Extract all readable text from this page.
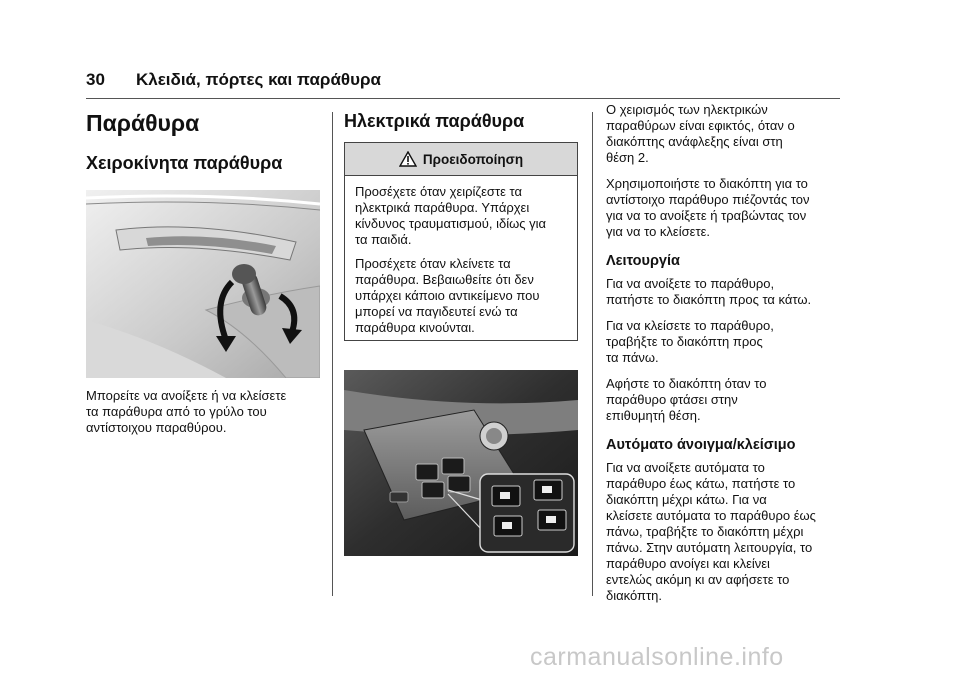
30 Κλειδιά, πόρτες και παράθυρα
Παράθυρα
Χειροκίνητα παράθυρα

Μπορείτε να ανοίξετε ή να κλείσετε

τα παράθυρα από το γρύλο του

αντίστοιχου παραθύρου.

Ηλεκτρικά παράθυρα
Προειδοποίηση
Προσέχετε όταν χειρίζεστε τα
ηλεκτρικά παράθυρα. Υπάρχει
κίνδυνος τραυματισμού, ιδίως για
τα παιδιά.
Προσέχετε όταν κλείνετε τα
παράθυρα. Βεβαιωθείτε ότι δεν
υπάρχει κάποιο αντικείμενο που
μπορεί να παγιδευτεί ενώ τα
παράθυρα κινούνται.

Ο χειρισμός των ηλεκτρικών

παραθύρων είναι εφικτός, όταν ο

διακόπτης ανάφλεξης είναι στη

θέση 2.

Χρησιμοποιήστε το διακόπτη για το

αντίστοιχο παράθυρο πιέζοντάς τον

για να το ανοίξετε ή τραβώντας τον

για να το κλείσετε.

Λειτουργία

Για να ανοίξετε το παράθυρο,

πατήστε το διακόπτη προς τα κάτω.

Για να κλείσετε το παράθυρο,

τραβήξτε το διακόπτη προς

τα πάνω.

Αφήστε το διακόπτη όταν το

παράθυρο φτάσει στην

επιθυμητή θέση.

Αυτόματο άνοιγμα/κλείσιμο

Για να ανοίξετε αυτόματα το

παράθυρο έως κάτω, πατήστε το

διακόπτη μέχρι κάτω. Για να

κλείσετε αυτόματα το παράθυρο έως

πάνω, τραβήξτε το διακόπτη μέχρι

πάνω. Στην αυτόματη λειτουργία, το

παράθυρο ανοίγει και κλείνει

εντελώς ακόμη κι αν αφήσετε το

διακόπτη.

carmanualsonline.info
